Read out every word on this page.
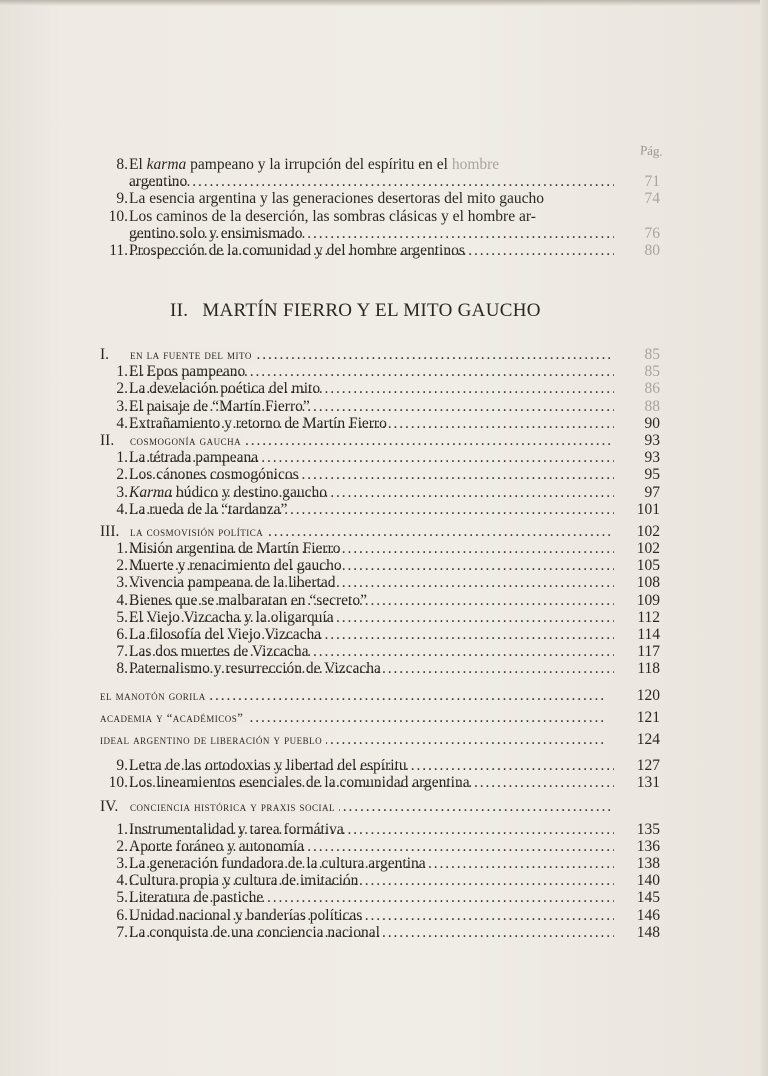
Pág.
8. El karma pampeano y la irrupción del espíritu en el hombre
argentino . . .	71
9. La esencia argentina y las generaciones desertoras del mito gaucho	74
10. Los caminos de la deserción, las sombras clásicas y el hombre ar-
gentino solo y ensimismado . . .	76
11. Prospección de la comunidad y del hombre argentinos . . .	80
II. MARTÍN FIERRO Y EL MITO GAUCHO
I.	en la fuente del mito . . .	85
1. El Epos pampeano . . .	85
2. La develación poética del mito . . .	86
3. El paisaje de “Martín Fierro” . . .	88
4. Extrañamiento y retorno de Martín Fierro . . .	90
II.	cosmogonía gaucha . . .	93
1. La tétrada pampeana . . .	93
2. Los cánones cosmogónicos . . .	95
3. Karma búdico y destino gaucho . . .	97
4. La rueda de la “tardanza” . . .	101
III. la cosmovisión política . . .	102
1. Misión argentina de Martín Fierro . . .	102
2. Muerte y renacimiento del gaucho . . .	105
3. Vivencia pampeana de la libertad . . .	108
4. Bienes que se malbaratan en “secreto” . . .	109
5. El Viejo Vizcacha y la oligarquía . . .	112
6. La filosofía del Viejo Vizcacha . . .	114
7. Las dos muertes de Vizcacha . . .	117
8. Paternalismo y resurrección de Vizcacha . . .	118
el manotón gorila . . .	120
academia y “académicos” . . .	121
ideal argentino de liberación y pueblo . . .	124
9. Letra de las ortodoxias y libertad del espíritu . . .	127
10. Los lineamientos esenciales de la comunidad argentina . . .	131
IV. conciencia histórica y praxis social . . .
1. Instrumentalidad y tarea formátiva . . .	135
2. Aporte foráneo y autonomía . . .	136
3. La generación fundadora de la cultura argentina . . .	138
4. Cultura propia y cultura de imitación . . .	140
5. Literatura de pastiche . . .	145
6. Unidad nacional y banderías políticas . . .	146
7. La conquista de una conciencia nacional . . .	148
